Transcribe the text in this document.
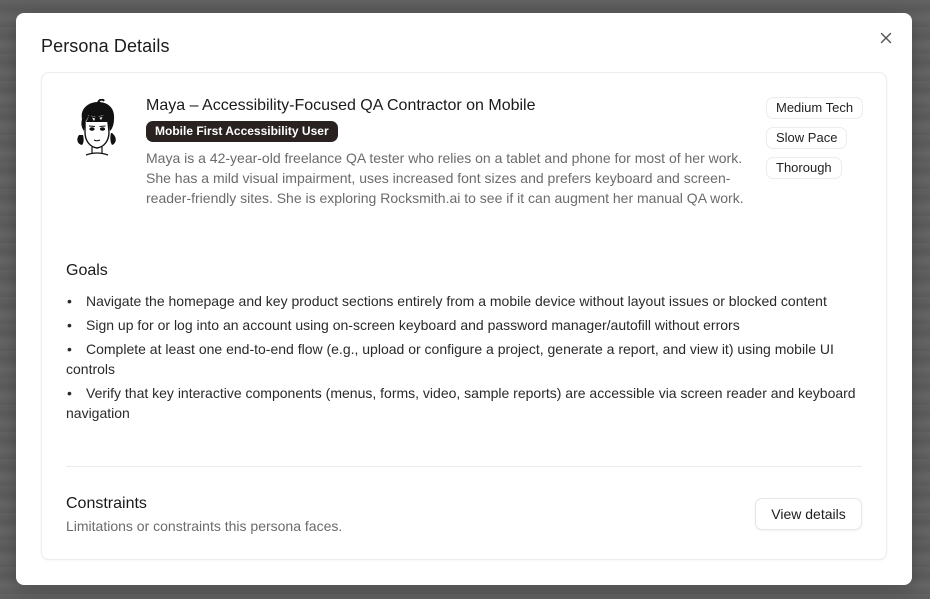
Persona Details
Maya – Accessibility-Focused QA Contractor on Mobile
Mobile First Accessibility User
Maya is a 42-year-old freelance QA tester who relies on a tablet and phone for most of her work. She has a mild visual impairment, uses increased font sizes and prefers keyboard and screen-reader-friendly sites. She is exploring Rocksmith.ai to see if it can augment her manual QA work.
Medium Tech
Slow Pace
Thorough
Goals
• Navigate the homepage and key product sections entirely from a mobile device without layout issues or blocked content
• Sign up for or log into an account using on-screen keyboard and password manager/autofill without errors
• Complete at least one end-to-end flow (e.g., upload or configure a project, generate a report, and view it) using mobile UI controls
• Verify that key interactive components (menus, forms, video, sample reports) are accessible via screen reader and keyboard navigation
Constraints
Limitations or constraints this persona faces.
View details
